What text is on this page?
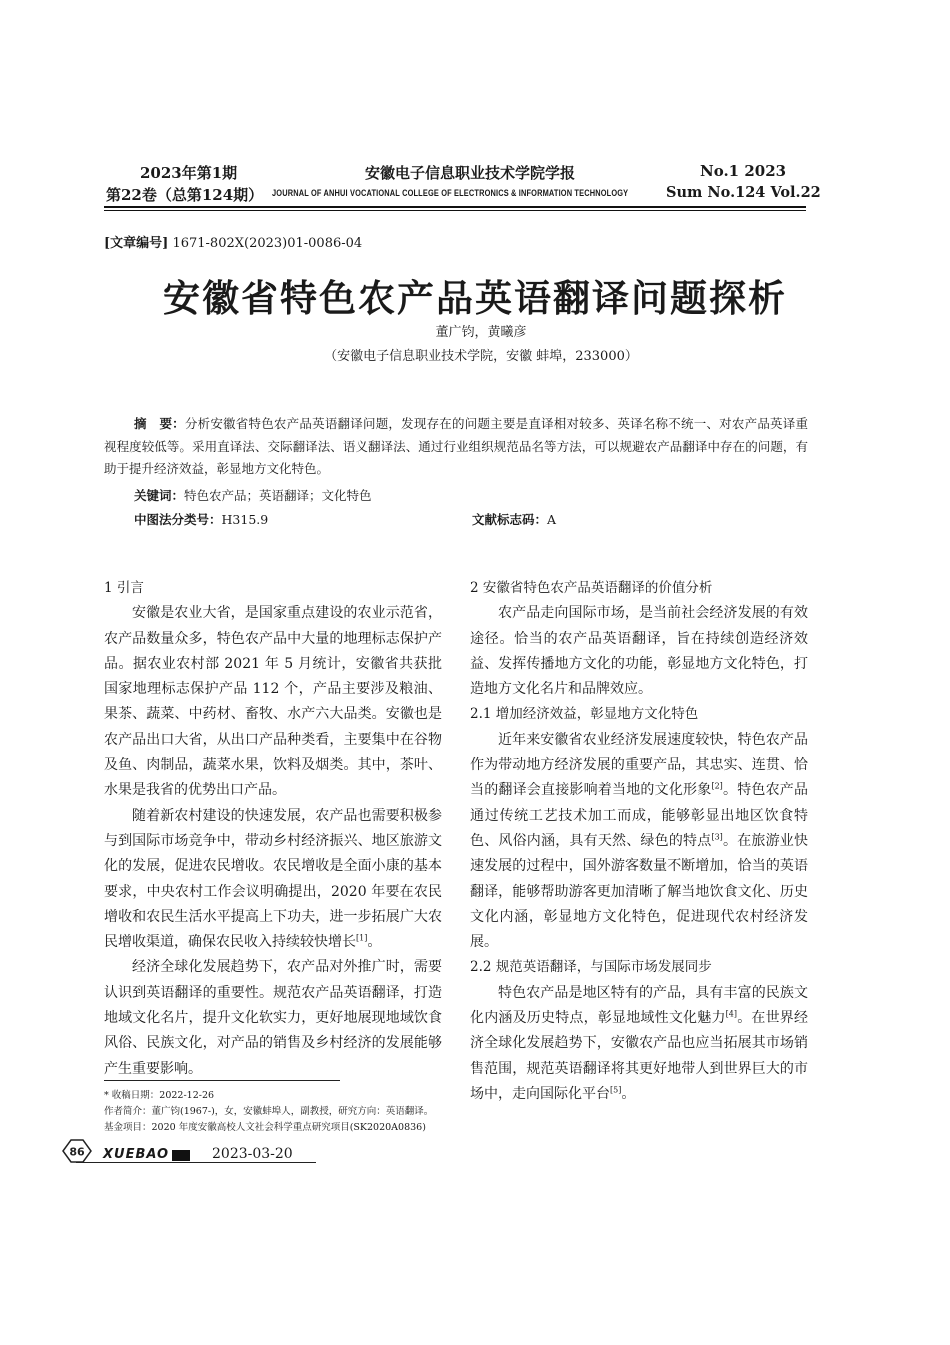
2023年第1期
第22卷（总第124期）
安徽电子信息职业技术学院学报
JOURNAL OF ANHUI VOCATIONAL COLLEGE OF ELECTRONICS & INFORMATION TECHNOLOGY
No.1 2023
Sum No.124 Vol.22
[文章编号] 1671-802X(2023)01-0086-04
安徽省特色农产品英语翻译问题探析
董广钧，黄曦彦
（安徽电子信息职业技术学院，安徽 蚌埠，233000）
摘　要：分析安徽省特色农产品英语翻译问题，发现存在的问题主要是直译相对较多、英译名称不统一、对农产品英译重视程度较低等。采用直译法、交际翻译法、语义翻译法、通过行业组织规范品名等方法，可以规避农产品翻译中存在的问题，有助于提升经济效益，彰显地方文化特色。
关键词：特色农产品；英语翻译；文化特色
中图法分类号：H315.9	文献标志码：A

1 引言

安徽是农业大省，是国家重点建设的农业示范省，农产品数量众多，特色农产品中大量的地理标志保护产品。据农业农村部 2021 年 5 月统计，安徽省共获批国家地理标志保护产品 112 个，产品主要涉及粮油、果茶、蔬菜、中药材、畜牧、水产六大品类。安徽也是农产品出口大省，从出口产品种类看，主要集中在谷物及鱼、肉制品，蔬菜水果，饮料及烟类。其中，茶叶、水果是我省的优势出口产品。

随着新农村建设的快速发展，农产品也需要积极参与到国际市场竞争中，带动乡村经济振兴、地区旅游文化的发展，促进农民增收。农民增收是全面小康的基本要求，中央农村工作会议明确提出，2020 年要在农民增收和农民生活水平提高上下功夫，进一步拓展广大农民增收渠道，确保农民收入持续较快增长[1]。

经济全球化发展趋势下，农产品对外推广时，需要认识到英语翻译的重要性。规范农产品英语翻译，打造地域文化名片，提升文化软实力，更好地展现地域饮食风俗、民族文化，对产品的销售及乡村经济的发展能够产生重要影响。

2 安徽省特色农产品英语翻译的价值分析

农产品走向国际市场，是当前社会经济发展的有效途径。恰当的农产品英语翻译，旨在持续创造经济效益、发挥传播地方文化的功能，彰显地方文化特色，打造地方文化名片和品牌效应。

2.1 增加经济效益，彰显地方文化特色

近年来安徽省农业经济发展速度较快，特色农产品作为带动地方经济发展的重要产品，其忠实、连贯、恰当的翻译会直接影响着当地的文化形象[2]。特色农产品通过传统工艺技术加工而成，能够彰显出地区饮食特色、风俗内涵，具有天然、绿色的特点[3]。在旅游业快速发展的过程中，国外游客数量不断增加，恰当的英语翻译，能够帮助游客更加清晰了解当地饮食文化、历史文化内涵，彰显地方文化特色，促进现代农村经济发展。

2.2 规范英语翻译，与国际市场发展同步

特色农产品是地区特有的产品，具有丰富的民族文化内涵及历史特点，彰显地域性文化魅力[4]。在世界经济全球化发展趋势下，安徽农产品也应当拓展其市场销售范围，规范英语翻译将其更好地带人到世界巨大的市场中，走向国际化平台[5]。

* 收稿日期：2022-12-26
作者简介：董广钧(1967-)，女，安徽蚌埠人，副教授，研究方向：英语翻译。
基金项目：2020 年度安徽高校人文社会科学重点研究项目(SK2020A0836)
86 XUEBAO	2023-03-20
